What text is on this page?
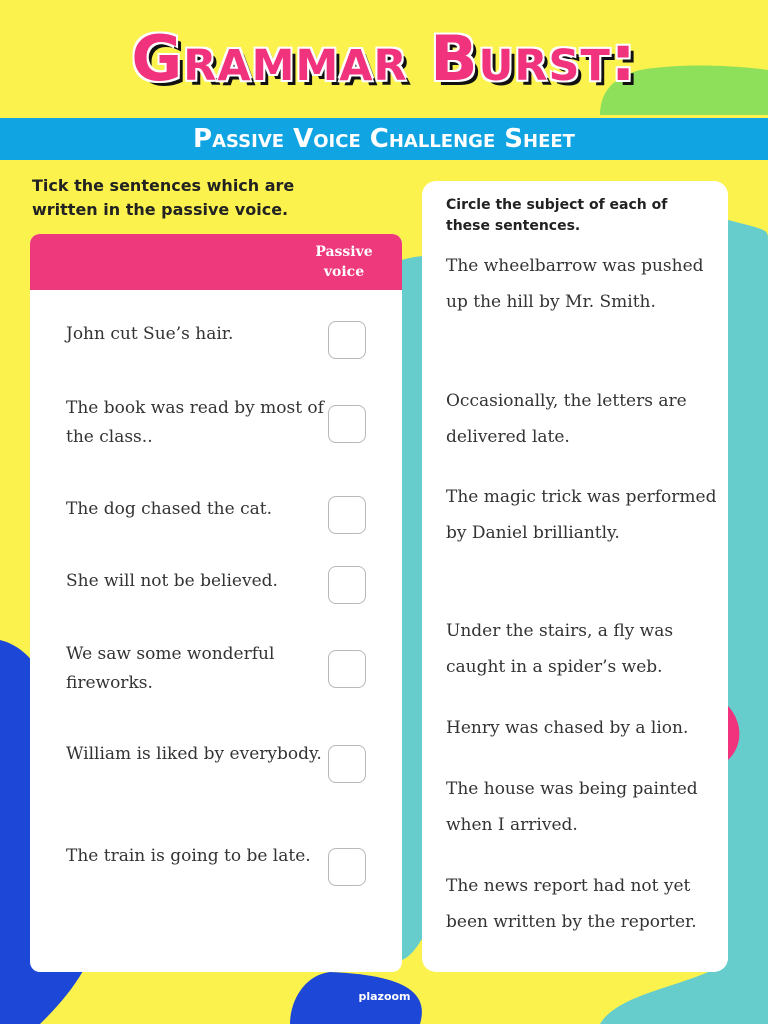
Grammar Burst:
Passive Voice Challenge Sheet
Tick the sentences which are written in the passive voice.
Passive voice
John cut Sue’s hair.
The book was read by most of the class..
The dog chased the cat.
She will not be believed.
We saw some wonderful fireworks.
William is liked by everybody.
The train is going to be late.
Circle the subject of each of these sentences.
The wheelbarrow was pushed up the hill by Mr. Smith.
Occasionally, the letters are delivered late.
The magic trick was performed by Daniel brilliantly.
Under the stairs, a fly was caught in a spider’s web.
Henry was chased by a lion.
The house was being painted when I arrived.
The news report had not yet been written by the reporter.
plazoom
